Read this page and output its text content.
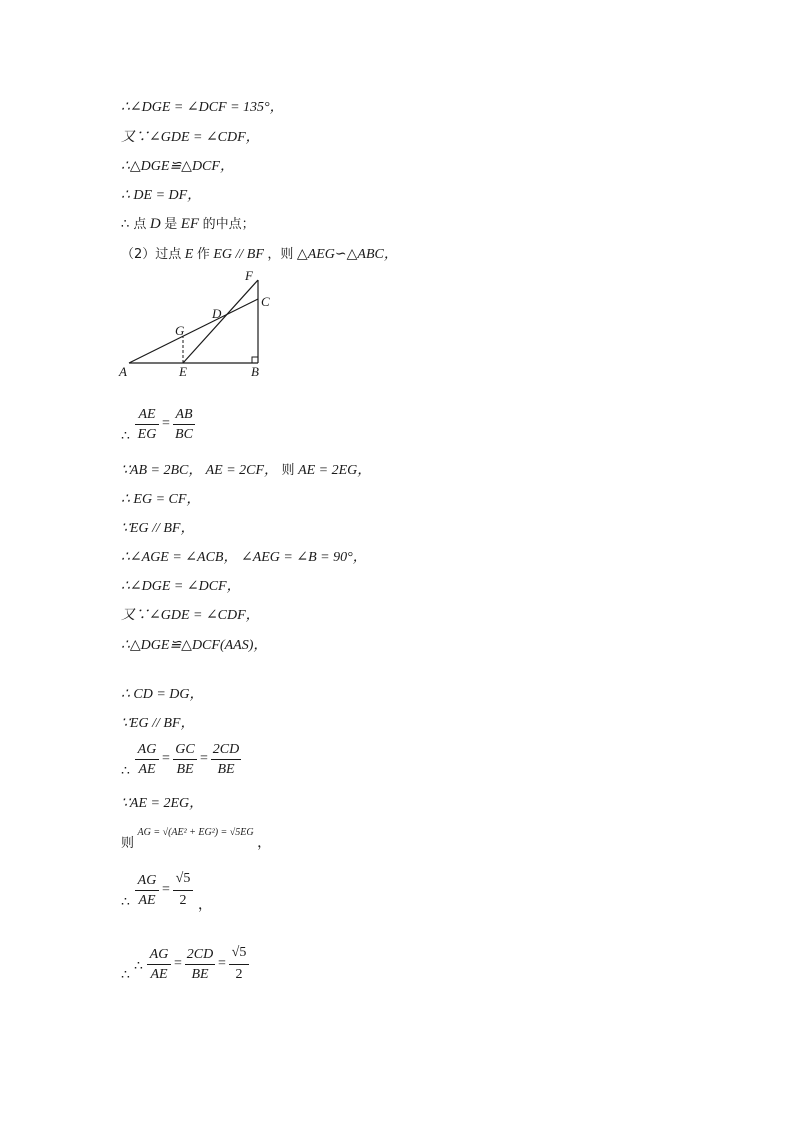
∴∠DGE = ∠DCF = 135°，
又∵∠GDE = ∠CDF，
∴△DGE≌△DCF，
∴ DE = DF，
∴ 点 D 是 EF 的中点；
（2）过点 E 作 EG // BF ，则 △AEG∽△ABC，
A	E	B
C
F
D
G
∴
AE
EG
=
AB
BC
∵AB = 2BC， AE = 2CF， 则 AE = 2EG，
∴ EG = CF，
∵EG // BF，
∴∠AGE = ∠ACB， ∠AEG = ∠B = 90°，
∴∠DGE = ∠DCF，
又∵∠GDE = ∠CDF，
∴△DGE≌△DCF(AAS)，
∴ CD = DG，
∵EG // BF，
∴
AG
AE
=
GC
BE
=
2CD
BE
∵AE = 2EG，
则 $^{AG = √(AE^2 + EG^2) = √5EG}$ ，
∴
AG
AE
=
√5
2 ，
∴
∴
AG
AE
=
2CD
BE
=
√5
2
